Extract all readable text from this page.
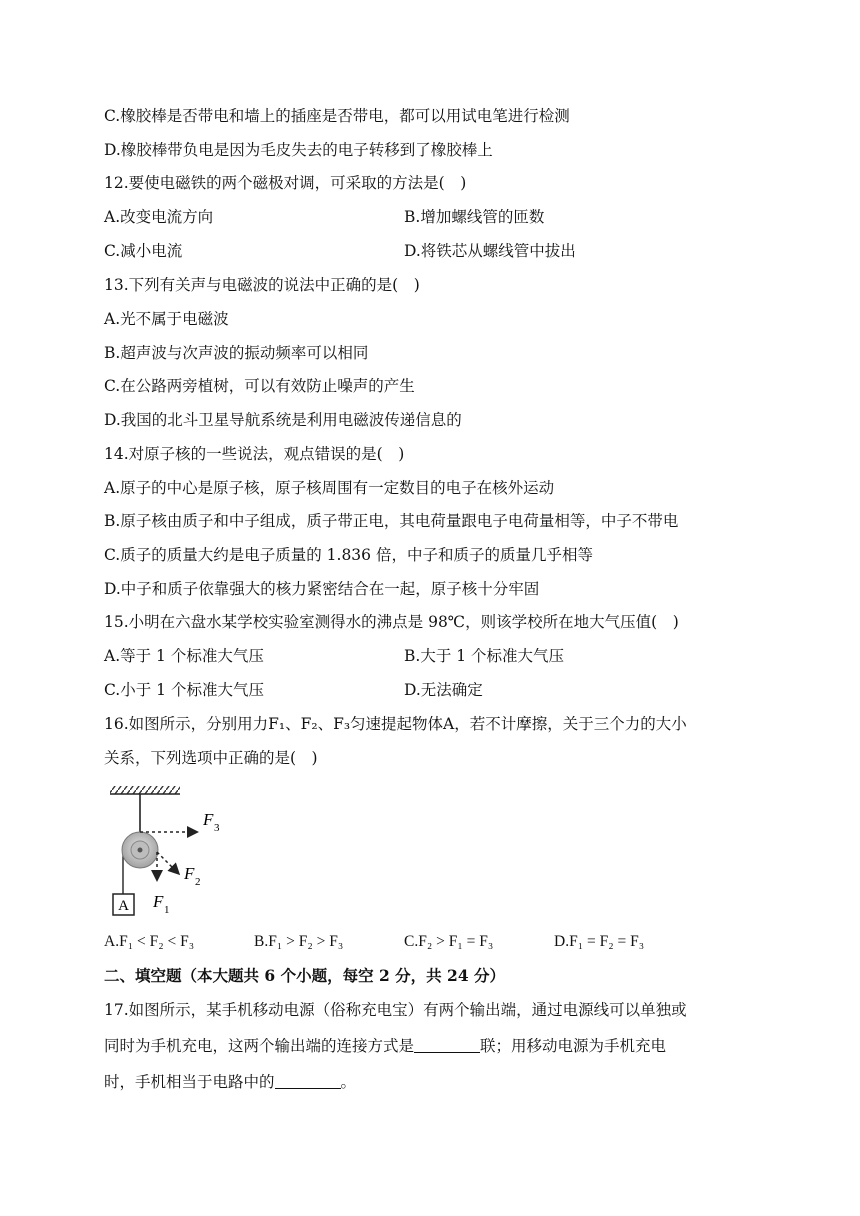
C.橡胶棒是否带电和墙上的插座是否带电，都可以用试电笔进行检测
D.橡胶棒带负电是因为毛皮失去的电子转移到了橡胶棒上
12.要使电磁铁的两个磁极对调，可采取的方法是(　)
A.改变电流方向	B.增加螺线管的匝数
C.减小电流	D.将铁芯从螺线管中拔出
13.下列有关声与电磁波的说法中正确的是(　)
A.光不属于电磁波
B.超声波与次声波的振动频率可以相同
C.在公路两旁植树，可以有效防止噪声的产生
D.我国的北斗卫星导航系统是利用电磁波传递信息的
14.对原子核的一些说法，观点错误的是(　)
A.原子的中心是原子核，原子核周围有一定数目的电子在核外运动
B.原子核由质子和中子组成，质子带正电，其电荷量跟电子电荷量相等，中子不带电
C.质子的质量大约是电子质量的 1.836 倍，中子和质子的质量几乎相等
D.中子和质子依靠强大的核力紧密结合在一起，原子核十分牢固
15.小明在六盘水某学校实验室测得水的沸点是 98℃，则该学校所在地大气压值(　)
A.等于 1 个标准大气压	B.大于 1 个标准大气压
C.小于 1 个标准大气压	D.无法确定
16.如图所示，分别用力F₁、F₂、F₃匀速提起物体A，若不计摩擦，关于三个力的大小
关系，下列选项中正确的是(　)
A
F 3
F 2
F 1
A.F₁ < F₂ < F₃	B.F₁ > F₂ > F₃	C.F₂ > F₁ = F₃	D.F₁ = F₂ = F₃
二、填空题（本大题共 6 个小题，每空 2 分，共 24 分）
17.如图所示，某手机移动电源（俗称充电宝）有两个输出端，通过电源线可以单独或
同时为手机充电，这两个输出端的连接方式是	联；用移动电源为手机充电
时，手机相当于电路中的	。
